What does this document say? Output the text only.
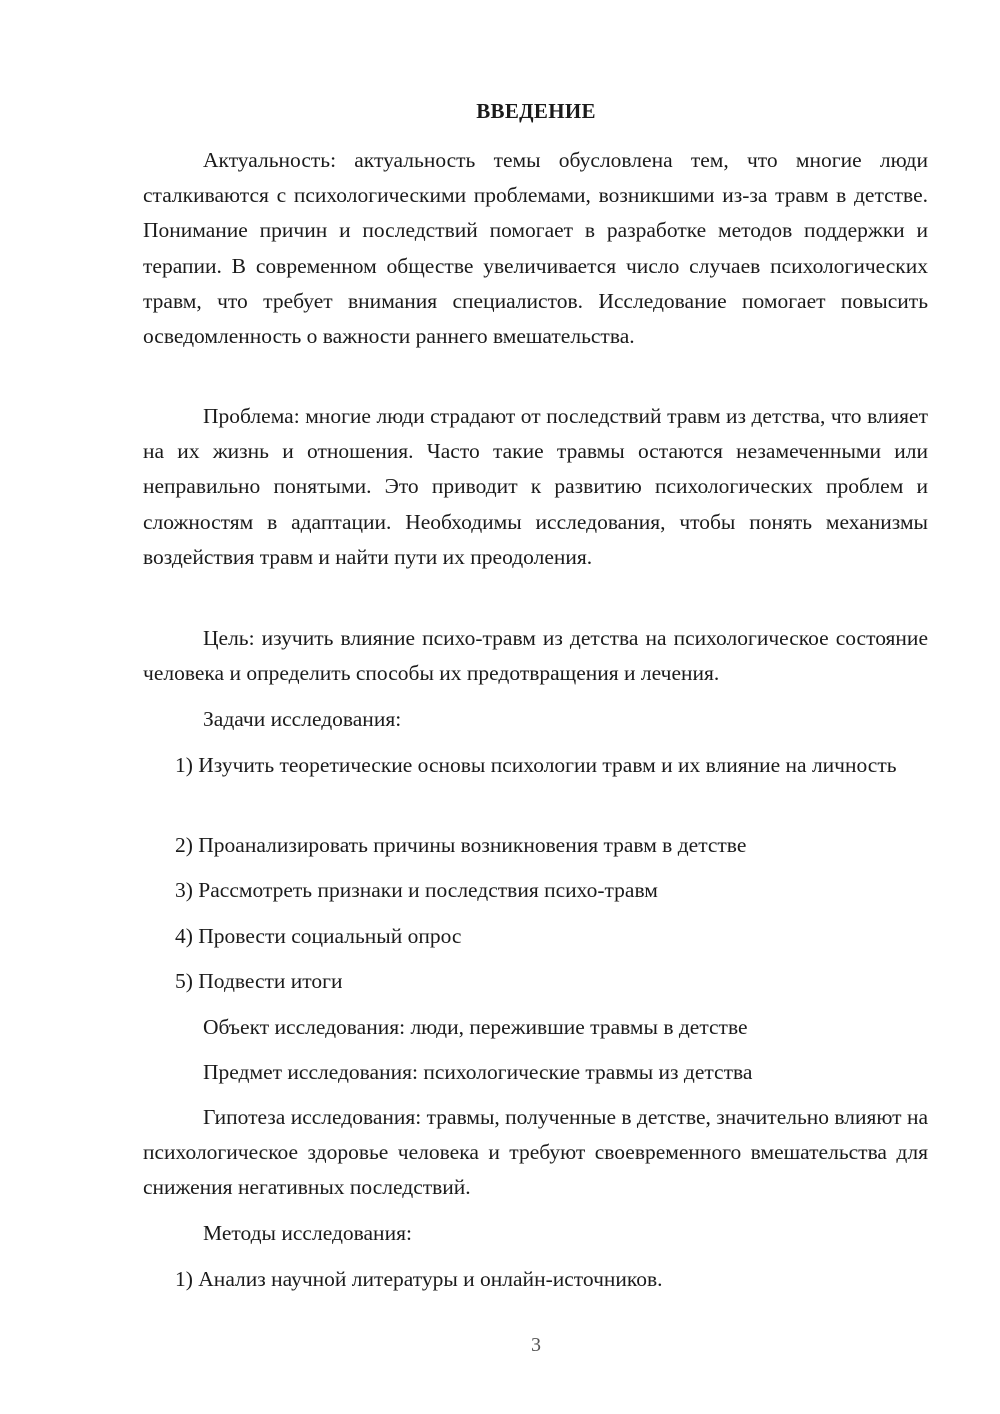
ВВЕДЕНИЕ

Актуальность: актуальность темы обусловлена тем, что многие люди сталкиваются с психологическими проблемами, возникшими из-за травм в детстве. Понимание причин и последствий помогает в разработке методов поддержки и терапии. В современном обществе увеличивается число случаев психологических травм, что требует внимания специалистов. Исследование помогает повысить осведомленность о важности раннего вмешательства.

Проблема: многие люди страдают от последствий травм из детства, что влияет на их жизнь и отношения. Часто такие травмы остаются незамеченными или неправильно понятыми. Это приводит к развитию психологических проблем и сложностям в адаптации. Необходимы исследования, чтобы понять механизмы воздействия травм и найти пути их преодоления.

Цель: изучить влияние психо-травм из детства на психологическое состояние человека и определить способы их предотвращения и лечения.

Задачи исследования:

1) Изучить теоретические основы психологии травм и их влияние на личность

2) Проанализировать причины возникновения травм в детстве

3) Рассмотреть признаки и последствия психо-травм

4) Провести социальный опрос

5) Подвести итоги

Объект исследования: люди, пережившие травмы в детстве

Предмет исследования: психологические травмы из детства

Гипотеза исследования: травмы, полученные в детстве, значительно влияют на психологическое здоровье человека и требуют своевременного вмешательства для снижения негативных последствий.

Методы исследования:

1) Анализ научной литературы и онлайн-источников.

3
